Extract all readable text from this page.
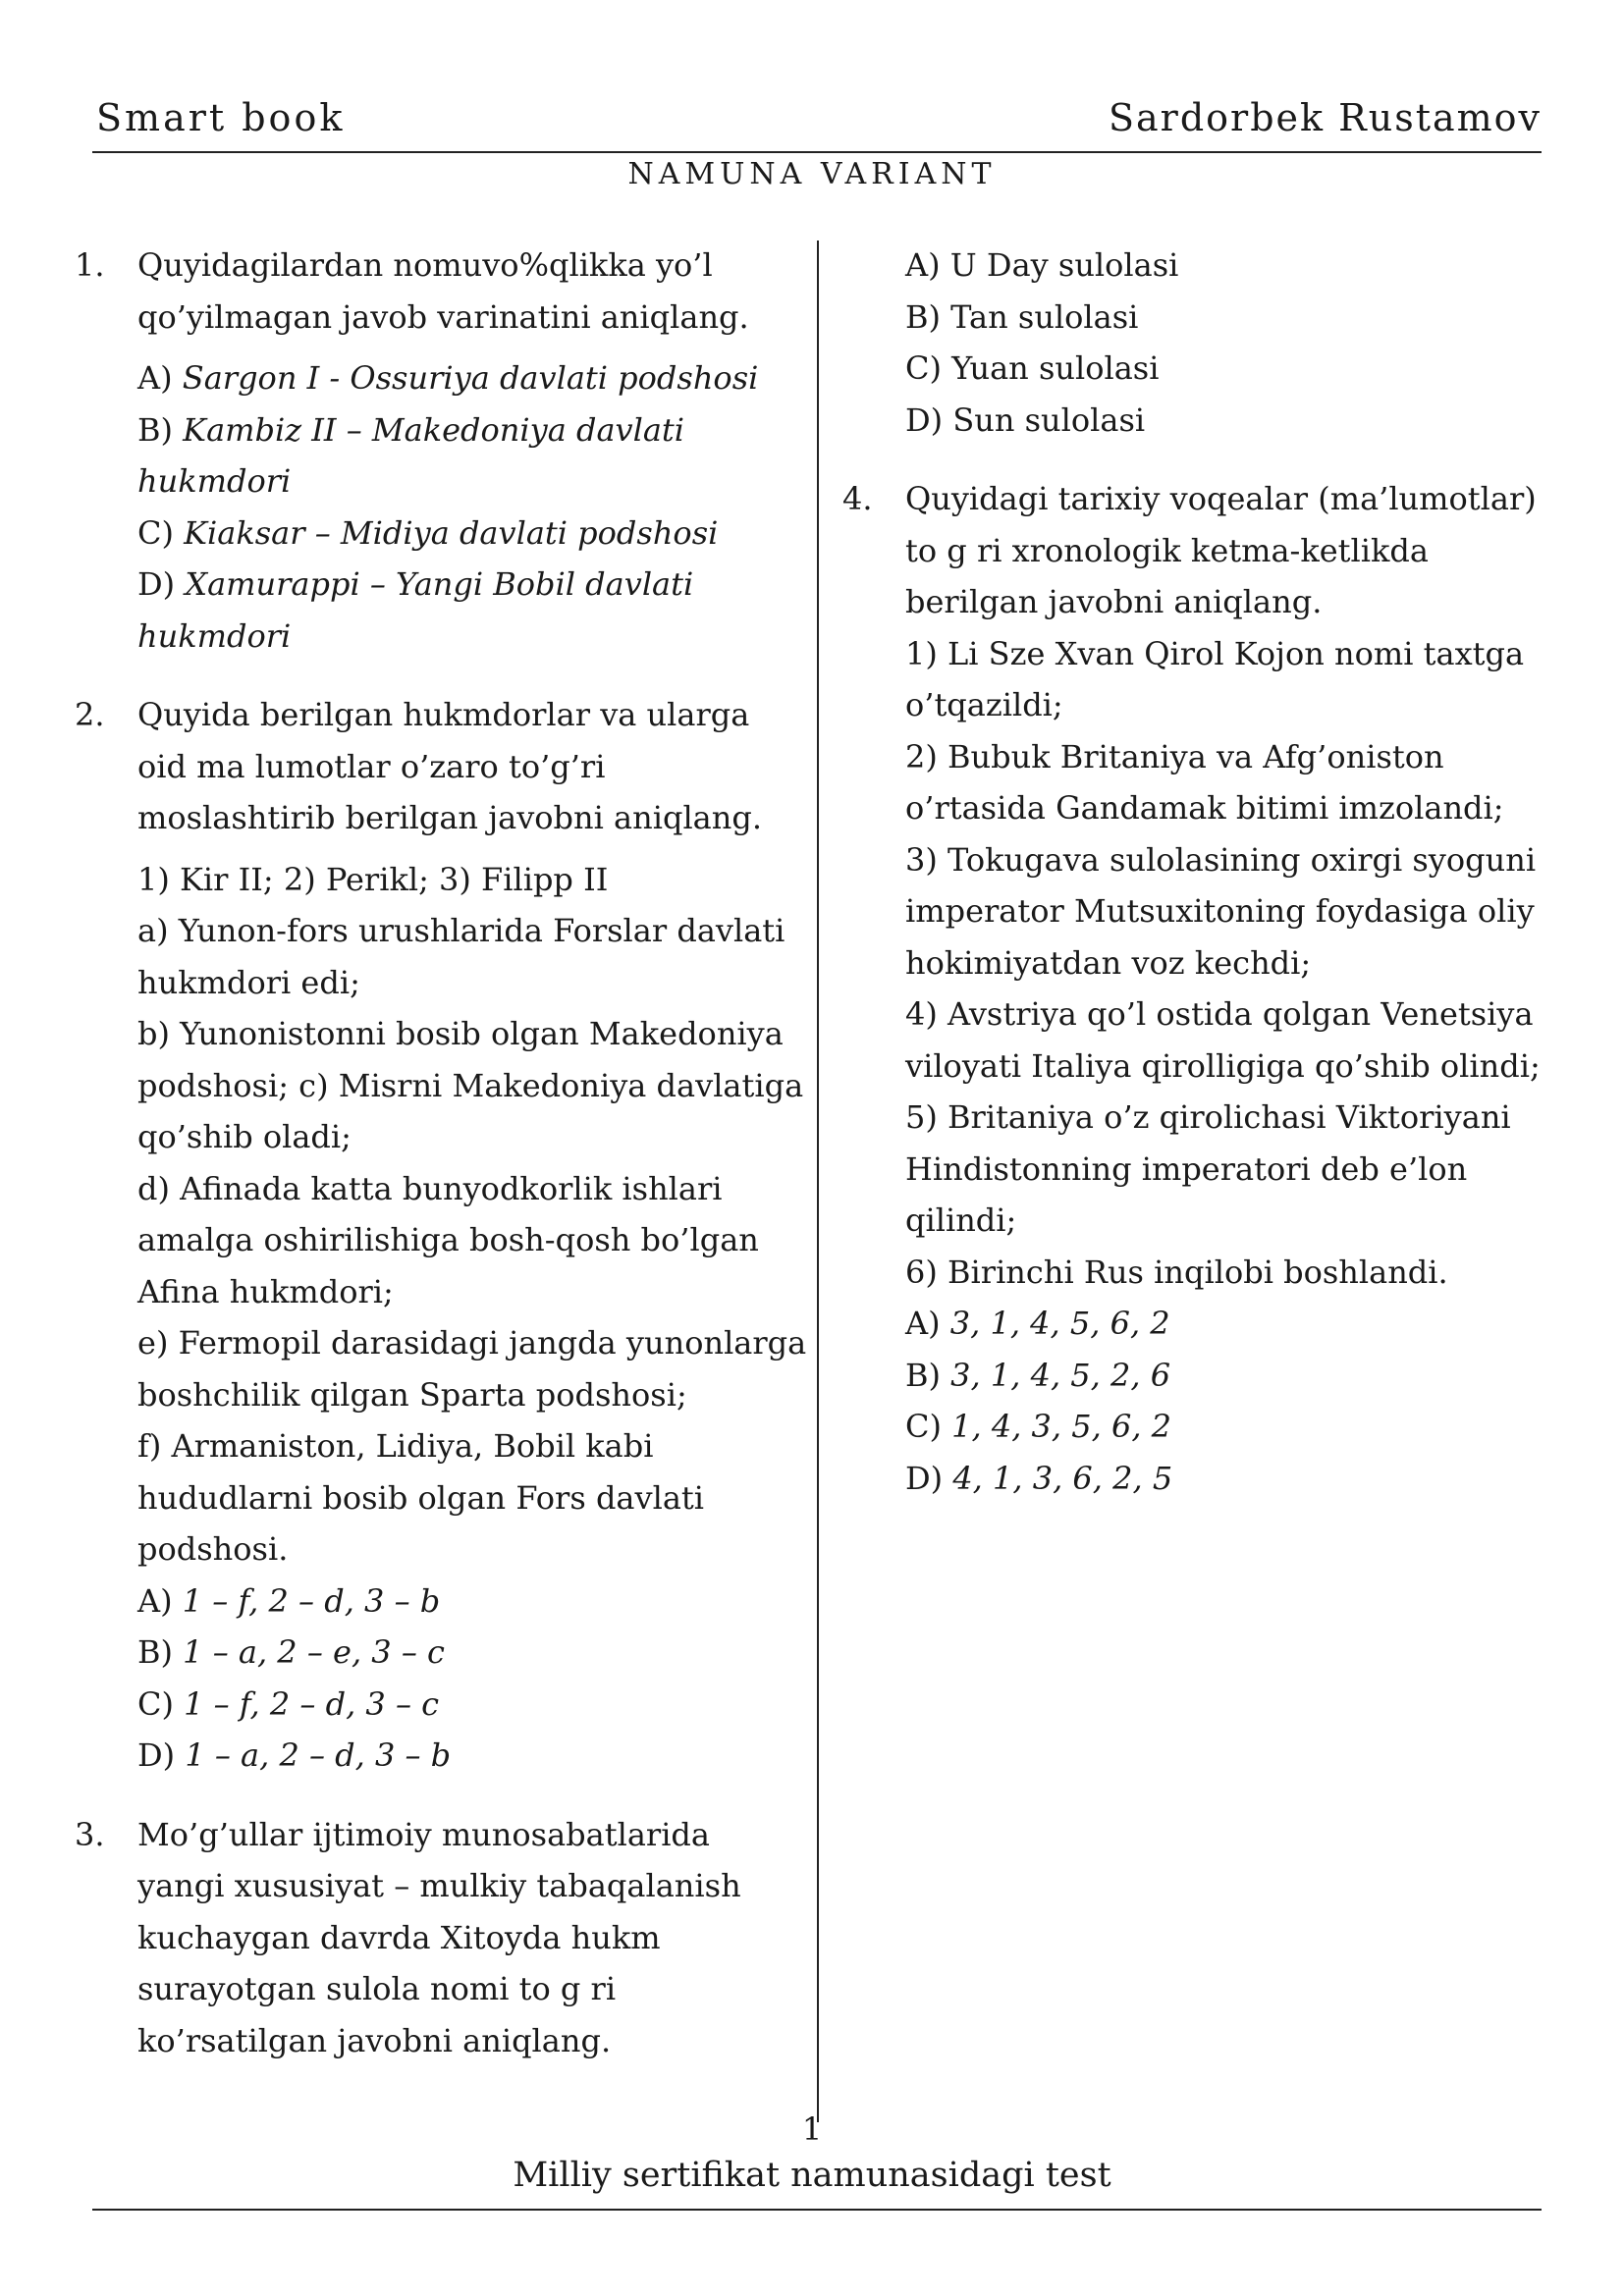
Smart book	Sardorbek Rustamov
NAMUNA VARIANT
1. Quyidagilardan nomuvo%qlikka yo’l
qo’yilmagan javob varinatini aniqlang.
A) Sargon I - Ossuriya davlati podshosi
B) Kambiz II – Makedoniya davlati
hukmdori
C) Kiaksar – Midiya davlati podshosi
D) Xamurappi – Yangi Bobil davlati
hukmdori
2. Quyida berilgan hukmdorlar va ularga
oid ma lumotlar o’zaro to’g’ri
moslashtirib berilgan javobni aniqlang.
1) Kir II; 2) Perikl; 3) Filipp II
a) Yunon-fors urushlarida Forslar davlati
hukmdori edi;
b) Yunonistonni bosib olgan Makedoniya
podshosi; c) Misrni Makedoniya davlatiga
qo’shib oladi;
d) Afinada katta bunyodkorlik ishlari
amalga oshirilishiga bosh-qosh bo’lgan
Afina hukmdori;
e) Fermopil darasidagi jangda yunonlarga
boshchilik qilgan Sparta podshosi;
f) Armaniston, Lidiya, Bobil kabi
hududlarni bosib olgan Fors davlati
podshosi.
A) 1 – f, 2 – d, 3 – b
B) 1 – a, 2 – e, 3 – c
C) 1 – f, 2 – d, 3 – c
D) 1 – a, 2 – d, 3 – b
3. Mo’g’ullar ijtimoiy munosabatlarida
yangi xususiyat – mulkiy tabaqalanish
kuchaygan davrda Xitoyda hukm
surayotgan sulola nomi to g ri
ko’rsatilgan javobni aniqlang.
A) U Day sulolasi
B) Tan sulolasi
C) Yuan sulolasi
D) Sun sulolasi
4. Quyidagi tarixiy voqealar (ma’lumotlar)
to g ri xronologik ketma-ketlikda
berilgan javobni aniqlang.
1) Li Sze Xvan Qirol Kojon nomi taxtga
o’tqazildi;
2) Bubuk Britaniya va Afg’oniston
o’rtasida Gandamak bitimi imzolandi;
3) Tokugava sulolasining oxirgi syoguni
imperator Mutsuxitoning foydasiga oliy
hokimiyatdan voz kechdi;
4) Avstriya qo’l ostida qolgan Venetsiya
viloyati Italiya qirolligiga qo’shib olindi;
5) Britaniya o’z qirolichasi Viktoriyani
Hindistonning imperatori deb e’lon
qilindi;
6) Birinchi Rus inqilobi boshlandi.
A) 3, 1, 4, 5, 6, 2
B) 3, 1, 4, 5, 2, 6
C) 1, 4, 3, 5, 6, 2
D) 4, 1, 3, 6, 2, 5
1
Milliy sertifikat namunasidagi test
